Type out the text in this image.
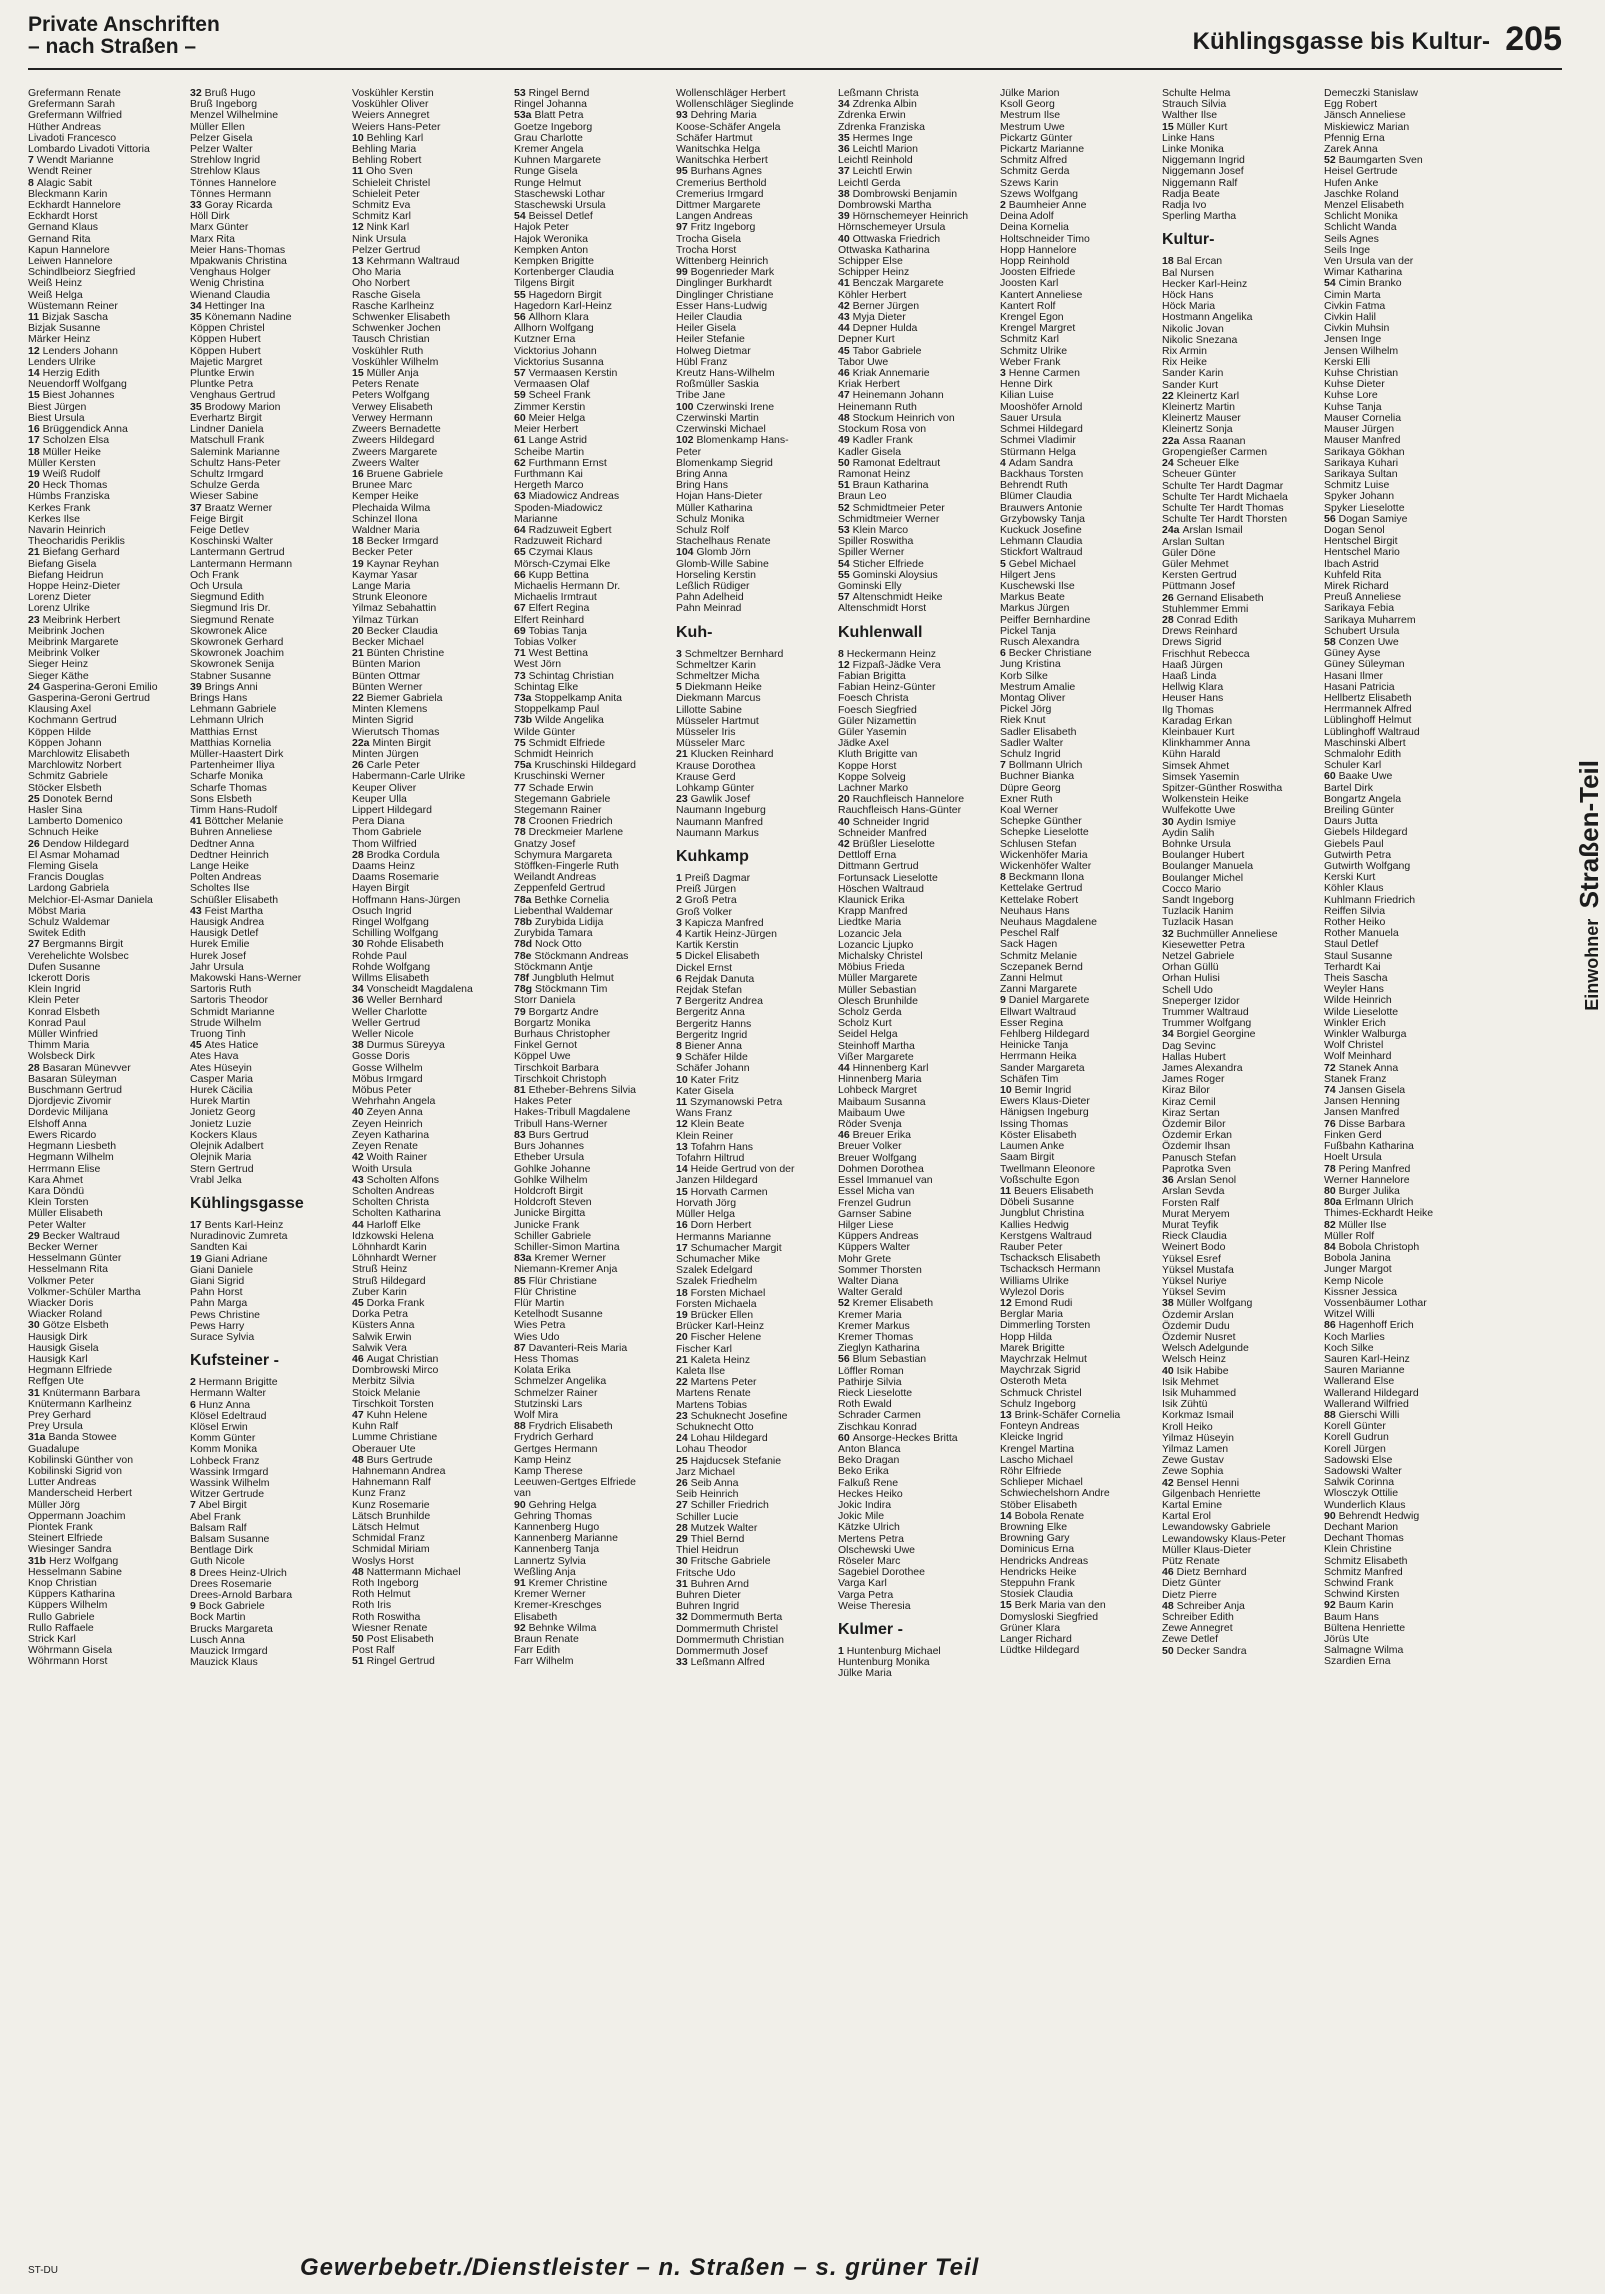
Private Anschriften
– nach Straßen –	Kühlingsgasse bis Kultur- 205
Grefermann Renate
Grefermann Sarah
Grefermann Wilfried
Hüther Andreas
Livadoti Francesco
Lombardo Livadoti Vittoria
7 Wendt Marianne
Wendt Reiner
8 Alagic Sabit
Bleckmann Karin
Eckhardt Hannelore
Eckhardt Horst
Gernand Klaus
Gernand Rita
Kapun Hannelore
Leiwen Hannelore
Schindlbeiorz Siegfried
Weiß Heinz
Weiß Helga
Wüstemann Reiner
11 Bizjak Sascha
Bizjak Susanne
Märker Heinz
12 Lenders Johann
Lenders Ulrike
14 Herzig Edith
Neuendorff Wolfgang
15 Biest Johannes
Biest Jürgen
Biest Ursula
16 Brüggendick Anna
17 Scholzen Elsa
18 Müller Heike
Müller Kersten
19 Weiß Rudolf
20 Heck Thomas
Hümbs Franziska
Kerkes Frank
Kerkes Ilse
Navarin Heinrich
Theocharidis Periklis
21 Biefang Gerhard
Biefang Gisela
Biefang Heidrun
Hoppe Heinz-Dieter
Lorenz Dieter
Lorenz Ulrike
23 Meibrink Herbert
Meibrink Jochen
Meibrink Margarete
Meibrink Volker
Sieger Heinz
Sieger Käthe
24 Gasperina-Geroni Emilio
Gasperina-Geroni Gertrud
Klausing Axel
Kochmann Gertrud
Köppen Hilde
Köppen Johann
Marchlowitz Elisabeth
Marchlowitz Norbert
Schmitz Gabriele
Stöcker Elsbeth
25 Donotek Bernd
Hasler Sina
Lamberto Domenico
Schnuch Heike
26 Dendow Hildegard
El Asmar Mohamad
Fleming Gisela
Francis Douglas
Lardong Gabriela
Melchior-El-Asmar Daniela
Möbst Maria
Schulz Waldemar
Switek Edith
27 Bergmanns Birgit
Verehelichte Wolsbec
Dufen Susanne
Ickerott Doris
Klein Ingrid
Klein Peter
Konrad Elsbeth
Konrad Paul
Müller Winfried
Thimm Maria
Wolsbeck Dirk
28 Basaran Münevver
Basaran Süleyman
Buschmann Gertrud
Djordjevic Zivomir
Dordevic Milijana
Elshoff Anna
Ewers Ricardo
Hegmann Liesbeth
Hegmann Wilhelm
Herrmann Elise
Kara Ahmet
Kara Döndü
Klein Torsten
Müller Elisabeth
Peter Walter
29 Becker Waltraud
Becker Werner
Hesselmann Günter
Hesselmann Rita
Volkmer Peter
Volkmer-Schüler Martha
Wiacker Doris
Wiacker Roland
30 Götze Elsbeth
Hausigk Dirk
Hausigk Gisela
Hausigk Karl
Hegmann Elfriede
Reffgen Ute
31 Knütermann Barbara
Knütermann Karlheinz
Prey Gerhard
Prey Ursula
31a Banda Stowee
Guadalupe
Kobilinski Günther von
Kobilinski Sigrid von
Lutter Andreas
Manderscheid Herbert
Müller Jörg
Oppermann Joachim
Piontek Frank
Steinert Elfriede
Wiesinger Sandra
31b Herz Wolfgang
Hesselmann Sabine
Knop Christian
Küppers Katharina
Küppers Wilhelm
Rullo Gabriele
Rullo Raffaele
Strick Karl
Wöhrmann Gisela
Wöhrmann Horst
32 Bruß Hugo
Bruß Ingeborg
Menzel Wilhelmine
Müller Ellen
Pelzer Gisela
Pelzer Walter
Strehlow Ingrid
Strehlow Klaus
Tönnes Hannelore
Tönnes Hermann
33 Goray Ricarda
Höll Dirk
Marx Günter
Marx Rita
Meier Hans-Thomas
Mpakwanis Christina
Venghaus Holger
Wenig Christina
Wienand Claudia
34 Hettinger Ina
35 Könemann Nadine
Köppen Christel
Köppen Hubert
Köppen Hubert
Majetic Margret
Pluntke Erwin
Pluntke Petra
Venghaus Gertrud
35 Brodowy Marion
Everhartz Birgit
Lindner Daniela
Matschull Frank
Salemink Marianne
Schultz Hans-Peter
Schultz Irmgard
Schulze Gerda
Wieser Sabine
37 Braatz Werner
Feige Birgit
Feige Detlev
Koschinski Walter
Lantermann Gertrud
Lantermann Hermann
Och Frank
Och Ursula
Siegmund Edith
Siegmund Iris Dr.
Siegmund Renate
Skowronek Alice
Skowronek Gerhard
Skowronek Joachim
Skowronek Senija
Stabner Susanne
39 Brings Anni
Brings Hans
Lehmann Gabriele
Lehmann Ulrich
Matthias Ernst
Matthias Kornelia
Müller-Haastert Dirk
Partenheimer Iliya
Scharfe Monika
Scharfe Thomas
Sons Elsbeth
Timm Hans-Rudolf
41 Böttcher Melanie
Buhren Anneliese
Dedtner Anna
Dedtner Heinrich
Lange Heike
Polten Andreas
Scholtes Ilse
Schüßler Elisabeth
43 Feist Martha
Hausigk Andrea
Hausigk Detlef
Hurek Emilie
Hurek Josef
Jahr Ursula
Makowski Hans-Werner
Sartoris Ruth
Sartoris Theodor
Schmidt Marianne
Strude Wilhelm
Truong Tinh
45 Ates Hatice
Ates Hava
Ates Hüseyin
Casper Maria
Hurek Cäcilia
Hurek Martin
Jonietz Georg
Jonietz Luzie
Kockers Klaus
Olejnik Adalbert
Olejnik Maria
Stern Gertrud
Vrabl Jelka
Kühlingsgasse
17 Bents Karl-Heinz
Nuradinovic Zumreta
Sandten Kai
19 Giani Adriane
Giani Daniele
Giani Sigrid
Pahn Horst
Pahn Marga
Pews Christine
Pews Harry
Surace Sylvia
Kufsteiner -
2 Hermann Brigitte
Hermann Walter
6 Hunz Anna
Klösel Edeltraud
Klösel Erwin
Komm Günter
Komm Monika
Lohbeck Franz
Wassink Irmgard
Wassink Wilhelm
Witzer Gertrude
7 Abel Birgit
Abel Frank
Balsam Ralf
Balsam Susanne
Bentlage Dirk
Guth Nicole
8 Drees Heinz-Ulrich
Drees Rosemarie
Drees-Arnold Barbara
9 Bock Gabriele
Bock Martin
Brucks Margareta
Lusch Anna
Mauzick Irmgard
Mauzick Klaus
Voskühler Kerstin
Voskühler Oliver
Weiers Annegret
Weiers Hans-Peter
10 Behling Karl
Behling Maria
Behling Robert
11 Oho Sven
Schieleit Christel
Schieleit Peter
Schmitz Eva
Schmitz Karl
12 Nink Karl
Nink Ursula
Pelzer Gertrud
13 Kehrmann Waltraud
Oho Maria
Oho Norbert
Rasche Gisela
Rasche Karlheinz
Schwenker Elisabeth
Schwenker Jochen
Tausch Christian
Voskühler Ruth
Voskühler Wilhelm
15 Müller Anja
Peters Renate
Peters Wolfgang
Verwey Elisabeth
Verwey Hermann
Zweers Bernadette
Zweers Hildegard
Zweers Margarete
Zweers Walter
16 Bruene Gabriele
Brunee Marc
Kemper Heike
Plechaida Wilma
Schinzel Ilona
Waldner Maria
18 Becker Irmgard
Becker Peter
19 Kaynar Reyhan
Kaymar Yasar
Lange Maria
Strunk Eleonore
Yilmaz Sebahattin
Yilmaz Türkan
20 Becker Claudia
Becker Michael
21 Bünten Christine
Bünten Marion
Bünten Ottmar
Bünten Werner
22 Biemer Gabriela
Minten Klemens
Minten Sigrid
Wierutsch Thomas
22a Minten Birgit
Minten Jürgen
26 Carle Peter
Habermann-Carle Ulrike
Keuper Oliver
Keuper Ulla
Lippert Hildegard
Pera Diana
Thom Gabriele
Thom Wilfried
28 Brodka Cordula
Daams Heinz
Daams Rosemarie
Hayen Birgit
Hoffmann Hans-Jürgen
Osuch Ingrid
Ringel Wolfgang
Schilling Wolfgang
30 Rohde Elisabeth
Rohde Paul
Rohde Wolfgang
Willms Elisabeth
34 Vonscheidt Magdalena
36 Weller Bernhard
Weller Charlotte
Weller Gertrud
Weller Nicole
38 Durmus Süreyya
Gosse Doris
Gosse Wilhelm
Möbus Irmgard
Möbus Peter
Wehrhahn Angela
40 Zeyen Anna
Zeyen Heinrich
Zeyen Katharina
Zeyen Renate
42 Woith Rainer
Woith Ursula
43 Scholten Alfons
Scholten Andreas
Scholten Christa
Scholten Katharina
44 Harloff Elke
Idzkowski Helena
Löhnhardt Karin
Löhnhardt Werner
Struß Heinz
Struß Hildegard
Zuber Karin
45 Dorka Frank
Dorka Petra
Küsters Anna
Salwik Erwin
Salwik Vera
46 Augat Christian
Dombrowski Mirco
Merbitz Silvia
Stoick Melanie
Tirschkoit Torsten
47 Kuhn Helene
Kuhn Ralf
Lumme Christiane
Oberauer Ute
48 Burs Gertrude
Hahnemann Andrea
Hahnemann Ralf
Kunz Franz
Kunz Rosemarie
Lätsch Brunhilde
Lätsch Helmut
Schmidal Franz
Schmidal Miriam
Woslys Horst
48 Nattermann Michael
Roth Ingeborg
Roth Helmut
Roth Iris
Roth Roswitha
Wiesner Renate
50 Post Elisabeth
Post Ralf
51 Ringel Gertrud
53 Ringel Bernd
Ringel Johanna
53a Blatt Petra
Goetze Ingeborg
Grau Charlotte
Kremer Angela
Kuhnen Margarete
Runge Gisela
Runge Helmut
Staschewski Lothar
Staschewski Ursula
54 Beissel Detlef
Hajok Peter
Hajok Weronika
Kempken Anton
Kempken Brigitte
Kortenberger Claudia
Tilgens Birgit
55 Hagedorn Birgit
Hagedorn Karl-Heinz
56 Allhorn Klara
Allhorn Wolfgang
Kutzner Erna
Vicktorius Johann
Vicktorius Susanna
57 Vermaasen Kerstin
Vermaasen Olaf
59 Scheel Frank
Zimmer Kerstin
60 Meier Helga
Meier Herbert
61 Lange Astrid
Scheibe Martin
62 Furthmann Ernst
Furthmann Kai
Hergeth Marco
63 Miadowicz Andreas
Spoden-Miadowicz
Marianne
64 Radzuweit Egbert
Radzuweit Richard
65 Czymai Klaus
Mörsch-Czymai Elke
66 Kupp Bettina
Michaelis Hermann Dr.
Michaelis Irmtraut
67 Elfert Regina
Elfert Reinhard
69 Tobias Tanja
Tobias Volker
71 West Bettina
West Jörn
73 Schintag Christian
Schintag Elke
73a Stoppelkamp Anita
Stoppelkamp Paul
73b Wilde Angelika
Wilde Günter
75 Schmidt Elfriede
Schmidt Heinrich
75a Kruschinski Hildegard
Kruschinski Werner
77 Schade Erwin
Stegemann Gabriele
Stegemann Rainer
78 Croonen Friedrich
78 Dreckmeier Marlene
Gnatzy Josef
Schymura Margareta
Stöffken-Fingerle Ruth
Weilandt Andreas
Zeppenfeld Gertrud
78a Bethke Cornelia
Liebenthal Waldemar
78b Zurybida Lidija
Zurybida Tamara
78d Nock Otto
78e Stöckmann Andreas
Stöckmann Antje
78f Jungbluth Helmut
78g Stöckmann Tim
Storr Daniela
79 Borgartz Andre
Borgartz Monika
Burhaus Christopher
Finkel Gernot
Köppel Uwe
Tirschkoit Barbara
Tirschkoit Christoph
81 Etheber-Behrens Silvia
Hakes Peter
Hakes-Tribull Magdalene
Tribull Hans-Werner
83 Burs Gertrud
Burs Johannes
Etheber Ursula
Gohlke Johanne
Gohlke Wilhelm
Holdcroft Birgit
Holdcroft Steven
Junicke Birgitta
Junicke Frank
Schiller Gabriele
Schiller-Simon Martina
83a Kremer Werner
Niemann-Kremer Anja
85 Flür Christiane
Flür Christine
Flür Martin
Ketelhodt Susanne
Wies Petra
Wies Udo
87 Davanteri-Reis Maria
Hess Thomas
Kolata Erika
Schmelzer Angelika
Schmelzer Rainer
Stutzinski Lars
Wolf Mira
88 Frydrich Elisabeth
Frydrich Gerhard
Gertges Hermann
Kamp Heinz
Kamp Therese
Leeuwen-Gertges Elfriede
van
90 Gehring Helga
Gehring Thomas
Kannenberg Hugo
Kannenberg Marianne
Kannenberg Tanja
Lannertz Sylvia
Weßling Anja
91 Kremer Christine
Kremer Werner
Kremer-Kreschges
Elisabeth
92 Behnke Wilma
Braun Renate
Farr Edith
Farr Wilhelm
Wollenschläger Herbert
Wollenschläger Sieglinde
93 Dehring Maria
Koose-Schäfer Angela
Schäfer Hartmut
Wanitschka Helga
Wanitschka Herbert
95 Burhans Agnes
Cremerius Berthold
Cremerius Irmgard
Dittmer Margarete
Langen Andreas
97 Fritz Ingeborg
Trocha Gisela
Trocha Horst
Wittenberg Heinrich
99 Bogenrieder Mark
Dinglinger Burkhardt
Dinglinger Christiane
Esser Hans-Ludwig
Heiler Claudia
Heiler Gisela
Heiler Stefanie
Holweg Dietmar
Hübl Franz
Kreutz Hans-Wilhelm
Roßmüller Saskia
Tribe Jane
100 Czerwinski Irene
Czerwinski Martin
Czerwinski Michael
102 Blomenkamp Hans-
Peter
Blomenkamp Siegrid
Bring Anna
Bring Hans
Hojan Hans-Dieter
Müller Katharina
Schulz Monika
Schulz Rolf
Stachelhaus Renate
104 Glomb Jörn
Glomb-Wille Sabine
Horseling Kerstin
Leßlich Rüdiger
Pahn Adelheid
Pahn Meinrad
Kuh-
3 Schmeltzer Bernhard
Schmeltzer Karin
Schmeltzer Micha
5 Diekmann Heike
Diekmann Marcus
Lillotte Sabine
Müsseler Hartmut
Müsseler Iris
Müsseler Marc
21 Klucken Reinhard
Krause Dorothea
Krause Gerd
Lohkamp Günter
23 Gawlik Josef
Naumann Ingeburg
Naumann Manfred
Naumann Markus
Kuhkamp
1 Preiß Dagmar
Preiß Jürgen
2 Groß Petra
Groß Volker
3 Kapicza Manfred
4 Kartik Heinz-Jürgen
Kartik Kerstin
5 Dickel Elisabeth
Dickel Ernst
6 Rejdak Danuta
Rejdak Stefan
7 Bergeritz Andrea
Bergeritz Anna
Bergeritz Hanns
Bergeritz Ingrid
8 Biener Anna
9 Schäfer Hilde
Schäfer Johann
10 Kater Fritz
Kater Gisela
11 Szymanowski Petra
Wans Franz
12 Klein Beate
Klein Reiner
13 Tofahrn Hans
Tofahrn Hiltrud
14 Heide Gertrud von der
Janzen Hildegard
15 Horvath Carmen
Horvath Jörg
Müller Helga
16 Dorn Herbert
Hermanns Marianne
17 Schumacher Margit
Schumacher Mike
Szalek Edelgard
Szalek Friedhelm
18 Forsten Michael
Forsten Michaela
19 Brücker Ellen
Brücker Karl-Heinz
20 Fischer Helene
Fischer Karl
21 Kaleta Heinz
Kaleta Ilse
22 Martens Peter
Martens Renate
Martens Tobias
23 Schuknecht Josefine
Schuknecht Otto
24 Lohau Hildegard
Lohau Theodor
25 Hajducsek Stefanie
Jarz Michael
26 Seib Anna
Seib Heinrich
27 Schiller Friedrich
Schiller Lucie
28 Mutzek Walter
29 Thiel Bernd
Thiel Heidrun
30 Fritsche Gabriele
Fritsche Udo
31 Buhren Arnd
Buhren Dieter
Buhren Ingrid
32 Dommermuth Berta
Dommermuth Christel
Dommermuth Christian
Dommermuth Josef
33 Leßmann Alfred
Leßmann Christa
34 Zdrenka Albin
Zdrenka Erwin
Zdrenka Franziska
35 Hermes Inge
36 Leichtl Marion
Leichtl Reinhold
37 Leichtl Erwin
Leichtl Gerda
38 Dombrowski Benjamin
Dombrowski Martha
39 Hörnschemeyer Heinrich
Hörnschemeyer Ursula
40 Ottwaska Friedrich
Ottwaska Katharina
Schipper Else
Schipper Heinz
41 Benczak Margarete
Köhler Herbert
42 Berner Jürgen
43 Myja Dieter
44 Depner Hulda
Depner Kurt
45 Tabor Gabriele
Tabor Uwe
46 Kriak Annemarie
Kriak Herbert
47 Heinemann Johann
Heinemann Ruth
48 Stockum Heinrich von
Stockum Rosa von
49 Kadler Frank
Kadler Gisela
50 Ramonat Edeltraut
Ramonat Heinz
51 Braun Katharina
Braun Leo
52 Schmidtmeier Peter
Schmidtmeier Werner
53 Klein Marco
Spiller Roswitha
Spiller Werner
54 Sticher Elfriede
55 Gominski Aloysius
Gominski Elly
57 Altenschmidt Heike
Altenschmidt Horst
Kuhlenwall
8 Heckermann Heinz
12 Fizpaß-Jädke Vera
Fabian Brigitta
Fabian Heinz-Günter
Foesch Christa
Foesch Siegfried
Güler Nizamettin
Güler Yasemin
Jädke Axel
Kluth Brigitte van
Koppe Horst
Koppe Solveig
Lachner Marko
20 Rauchfleisch Hannelore
Rauchfleisch Hans-Günter
40 Schneider Ingrid
Schneider Manfred
42 Brüßler Lieselotte
Dettloff Erna
Dittmann Gertrud
Fortunsack Lieselotte
Höschen Waltraud
Klaunick Erika
Krapp Manfred
Liedtke Maria
Lozancic Jela
Lozancic Ljupko
Michalsky Christel
Möbius Frieda
Müller Margarete
Müller Sebastian
Olesch Brunhilde
Scholz Gerda
Scholz Kurt
Seidel Helga
Steinhoff Martha
Vißer Margarete
44 Hinnenberg Karl
Hinnenberg Maria
Lohbeck Margret
Maibaum Susanna
Maibaum Uwe
Röder Svenja
46 Breuer Erika
Breuer Volker
Breuer Wolfgang
Dohmen Dorothea
Essel Immanuel van
Essel Micha van
Frenzel Gudrun
Garnser Sabine
Hilger Liese
Küppers Andreas
Küppers Walter
Mohr Grete
Sommer Thorsten
Walter Diana
Walter Gerald
52 Kremer Elisabeth
Kremer Maria
Kremer Markus
Kremer Thomas
Zieglyn Katharina
56 Blum Sebastian
Löffler Roman
Pathirje Silvia
Rieck Lieselotte
Roth Ewald
Schrader Carmen
Zischkau Konrad
60 Ansorge-Heckes Britta
Anton Blanca
Beko Dragan
Beko Erika
Falkuß Rene
Heckes Heiko
Jokic Indira
Jokic Mile
Kätzke Ulrich
Mertens Petra
Olschewski Uwe
Röseler Marc
Sagebiel Dorothee
Varga Karl
Varga Petra
Weise Theresia
Kulmer -
1 Huntenburg Michael
Huntenburg Monika
Jülke Maria
Jülke Marion
Ksoll Georg
Mestrum Ilse
Mestrum Uwe
Pickartz Günter
Pickartz Marianne
Schmitz Alfred
Schmitz Gerda
Szews Karin
Szews Wolfgang
2 Baumheier Anne
Deina Adolf
Deina Kornelia
Holtschneider Timo
Hopp Hannelore
Hopp Reinhold
Joosten Elfriede
Joosten Karl
Kantert Anneliese
Kantert Rolf
Krengel Egon
Krengel Margret
Schmitz Karl
Schmitz Ulrike
Weber Frank
3 Henne Carmen
Henne Dirk
Kilian Luise
Mooshöfer Arnold
Sauer Ursula
Schmei Hildegard
Schmei Vladimir
Stürmann Helga
4 Adam Sandra
Backhaus Torsten
Behrendt Ruth
Blümer Claudia
Brauwers Antonie
Grzybowsky Tanja
Kuckuck Josefine
Lehmann Claudia
Stickfort Waltraud
5 Gebel Michael
Hilgert Jens
Kuschewski Ilse
Markus Beate
Markus Jürgen
Peiffer Bernhardine
Pickel Tanja
Rusch Alexandra
6 Becker Christiane
Jung Kristina
Korb Silke
Mestrum Amalie
Montag Oliver
Pickel Jörg
Riek Knut
Sadler Elisabeth
Sadler Walter
Schulz Ingrid
7 Bollmann Ulrich
Buchner Bianka
Düpre Georg
Exner Ruth
Koal Werner
Schepke Günther
Schepke Lieselotte
Schlusen Stefan
Wickenhöfer Maria
Wickenhöfer Walter
8 Beckmann Ilona
Kettelake Gertrud
Kettelake Robert
Neuhaus Hans
Neuhaus Magdalene
Peschel Ralf
Sack Hagen
Schmitz Melanie
Sczepanek Bernd
Zanni Helmut
Zanni Margarete
9 Daniel Margarete
Ellwart Waltraud
Esser Regina
Fehlberg Hildegard
Heinicke Tanja
Herrmann Heika
Sander Margareta
Schäfen Tim
10 Bemir Ingrid
Ewers Klaus-Dieter
Hänigsen Ingeburg
Issing Thomas
Köster Elisabeth
Laumen Anke
Saam Birgit
Twellmann Eleonore
Voßschulte Egon
11 Beuers Elisabeth
Döbeli Susanne
Jungblut Christina
Kallies Hedwig
Kerstgens Waltraud
Rauber Peter
Tschacksch Elisabeth
Tschacksch Hermann
Williams Ulrike
Wylezol Doris
12 Emond Rudi
Berglar Maria
Dimmerling Torsten
Hopp Hilda
Marek Brigitte
Maychrzak Helmut
Maychrzak Sigrid
Osteroth Meta
Schmuck Christel
Schulz Ingeborg
13 Brink-Schäfer Cornelia
Fonteyn Andreas
Kleicke Ingrid
Krengel Martina
Lascho Michael
Röhr Elfriede
Schlieper Michael
Schwiechelshorn Andre
Stöber Elisabeth
14 Bobola Renate
Browning Elke
Browning Gary
Dominicus Erna
Hendricks Andreas
Hendricks Heike
Steppuhn Frank
Stosiek Claudia
15 Berk Maria van den
Domysloski Siegfried
Grüner Klara
Langer Richard
Lüdtke Hildegard
Schulte Helma
Strauch Silvia
Walther Ilse
15 Müller Kurt
Linke Hans
Linke Monika
Niggemann Ingrid
Niggemann Josef
Niggemann Ralf
Radja Beate
Radja Ivo
Sperling Martha
Kultur-
18 Bal Ercan
Bal Nursen
Hecker Karl-Heinz
Höck Hans
Höck Maria
Hostmann Angelika
Nikolic Jovan
Nikolic Snezana
Rix Armin
Rix Heike
Sander Karin
Sander Kurt
22 Kleinertz Karl
Kleinertz Martin
Kleinertz Mauser
Kleinertz Sonja
22a Assa Raanan
Gropengießer Carmen
24 Scheuer Elke
Scheuer Günter
Schulte Ter Hardt Dagmar
Schulte Ter Hardt Michaela
Schulte Ter Hardt Thomas
Schulte Ter Hardt Thorsten
24a Arslan Ismail
Arslan Sultan
Güler Döne
Güler Mehmet
Kersten Gertrud
Püttmann Josef
26 Gernand Elisabeth
Stuhlemmer Emmi
28 Conrad Edith
Drews Reinhard
Drews Sigrid
Frischhut Rebecca
Haaß Jürgen
Haaß Linda
Hellwig Klara
Heuser Hans
Ilg Thomas
Karadag Erkan
Kleinbauer Kurt
Klinkhammer Anna
Kühn Harald
Simsek Ahmet
Simsek Yasemin
Spitzer-Günther Roswitha
Wolkenstein Heike
Wulfekotte Uwe
30 Aydin Ismiye
Aydin Salih
Bohnke Ursula
Boulanger Hubert
Boulanger Manuela
Boulanger Michel
Cocco Mario
Sandt Ingeborg
Tuzlacik Hanim
Tuzlacik Hasan
32 Buchmüller Anneliese
Kiesewetter Petra
Netzel Gabriele
Orhan Güllü
Orhan Hulisi
Schell Udo
Sneperger Izidor
Trummer Waltraud
Trummer Wolfgang
34 Borgiel Georgine
Dag Sevinc
Hallas Hubert
James Alexandra
James Roger
Kiraz Bilor
Kiraz Cemil
Kiraz Sertan
Özdemir Bilor
Özdemir Erkan
Özdemir Ihsan
Panusch Stefan
Paprotka Sven
36 Arslan Senol
Arslan Sevda
Forsten Ralf
Murat Meryem
Murat Teyfik
Rieck Claudia
Weinert Bodo
Yüksel Esref
Yüksel Mustafa
Yüksel Nuriye
Yüksel Sevim
38 Müller Wolfgang
Özdemir Arslan
Özdemir Dudu
Özdemir Nusret
Welsch Adelgunde
Welsch Heinz
40 Isik Habibe
Isik Mehmet
Isik Muhammed
Isik Zühtü
Korkmaz Ismail
Kroll Heiko
Yilmaz Hüseyin
Yilmaz Lamen
Zewe Gustav
Zewe Sophia
42 Bensel Henni
Gilgenbach Henriette
Kartal Emine
Kartal Erol
Lewandowsky Gabriele
Lewandowsky Klaus-Peter
Müller Klaus-Dieter
Pütz Renate
46 Dietz Bernhard
Dietz Günter
Dietz Pierre
48 Schreiber Anja
Schreiber Edith
Zewe Annegret
Zewe Detlef
50 Decker Sandra
Demeczki Stanislaw
Egg Robert
Jänsch Anneliese
Miskiewicz Marian
Pfennig Erna
Zarek Anna
52 Baumgarten Sven
Heisel Gertrude
Hufen Anke
Jaschke Roland
Menzel Elisabeth
Schlicht Monika
Schlicht Wanda
Seils Agnes
Seils Inge
Ven Ursula van der
Wimar Katharina
54 Cimin Branko
Cimin Marta
Civkin Fatma
Civkin Halil
Civkin Muhsin
Jensen Inge
Jensen Wilhelm
Kerski Elli
Kuhse Christian
Kuhse Dieter
Kuhse Lore
Kuhse Tanja
Mauser Cornelia
Mauser Jürgen
Mauser Manfred
Sarikaya Gökhan
Sarikaya Kuhari
Sarikaya Sultan
Schmitz Luise
Spyker Johann
Spyker Lieselotte
56 Dogan Samiye
Dogan Senol
Hentschel Birgit
Hentschel Mario
Ibach Astrid
Kuhfeld Rita
Mirek Richard
Preuß Anneliese
Sarikaya Febia
Sarikaya Muharrem
Schubert Ursula
58 Conzen Uwe
Güney Ayse
Güney Süleyman
Hasani Ilmer
Hasani Patricia
Hellbertz Elisabeth
Herrmannek Alfred
Lüblinghoff Helmut
Lüblinghoff Waltraud
Maschinski Albert
Schmalohr Edith
Schuler Karl
60 Baake Uwe
Bartel Dirk
Bongartz Angela
Breiling Günter
Daurs Jutta
Giebels Hildegard
Giebels Paul
Gutwirth Petra
Gutwirth Wolfgang
Kerski Kurt
Köhler Klaus
Kuhlmann Friedrich
Reiffen Silvia
Rother Heiko
Rother Manuela
Staul Detlef
Staul Susanne
Terhardt Kai
Theis Sascha
Weyler Hans
Wilde Heinrich
Wilde Lieselotte
Winkler Erich
Winkler Walburga
Wolf Christel
Wolf Meinhard
72 Stanek Anna
Stanek Franz
74 Jansen Gisela
Jansen Henning
Jansen Manfred
76 Disse Barbara
Finken Gerd
Fußbahn Katharina
Hoelt Ursula
78 Pering Manfred
Werner Hannelore
80 Burger Julika
80a Erlmann Ulrich
Thimes-Eckhardt Heike
82 Müller Ilse
Müller Rolf
84 Bobola Christoph
Bobola Janina
Junger Margot
Kemp Nicole
Kissner Jessica
Vossenbäumer Lothar
Witzel Willi
86 Hagenhoff Erich
Koch Marlies
Koch Silke
Sauren Karl-Heinz
Sauren Marianne
Wallerand Else
Wallerand Hildegard
Wallerand Wilfried
88 Gierschi Willi
Korell Günter
Korell Gudrun
Korell Jürgen
Sadowski Else
Sadowski Walter
Salwik Corinna
Wlosczyk Ottilie
Wunderlich Klaus
90 Behrendt Hedwig
Dechant Marion
Dechant Thomas
Klein Christine
Schmitz Elisabeth
Schmitz Manfred
Schwind Frank
Schwind Kirsten
92 Baum Karin
Baum Hans
Bültena Henriette
Jörüs Ute
Salmagne Wilma
Szardien Erna
Einwohner Straßen-Teil
ST-DU	Gewerbebetr./Dienstleister – n. Straßen – s. grüner Teil
